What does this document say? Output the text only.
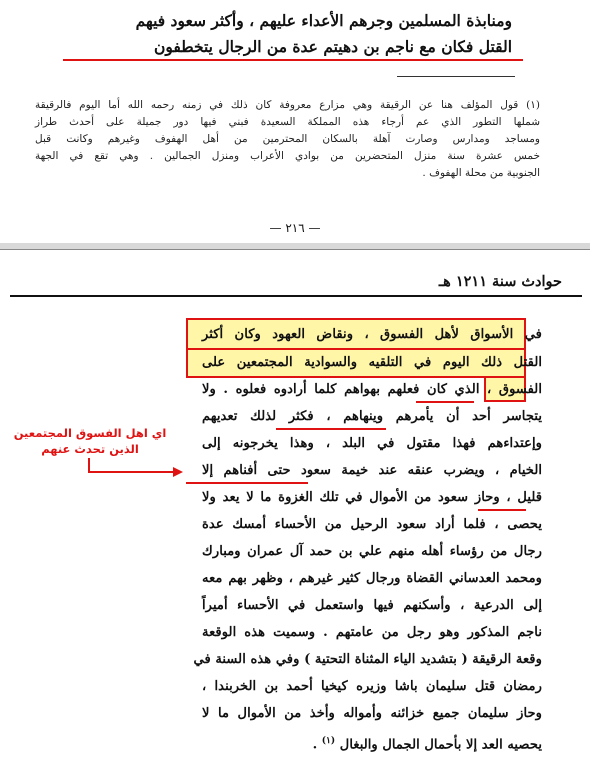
ومنابذة المسلمين وجرهم الأعداء عليهم ، وأكثر سعود فيهم
القتل فكان مع ناجم بن دهيتم عدة من الرجال يتخطفون
(١) قول المؤلف هنا عن الرقيقة وهي مزارع معروفة كان ذلك في زمنه رحمه الله أما اليوم فالرقيقة
شملها التطور الذي عم أرجاء هذه المملكة السعيدة فبني فيها دور جميلة على أحدث طراز
ومساجد ومدارس وصارت آهلة بالسكان المحترمين من أهل الهفوف وغيرهم وكانت قبل
خمس عشرة سنة منزل المتحضرين من بوادي الأعراب ومنزل الجمالين . وهي تقع في الجهة
الجنوبية من محلة الهفوف .
— ٢١٦ —
حوادث سنة ١٢١١ هـ
في الأسواق لأهل الفسوق ، ونقاض العهود وكان أكثر
القتل ذلك اليوم في التلقيه والسوادية المجتمعين على
الفسوق ، الذي كان فعلهم بهواهم كلما أرادوه فعلوه . ولا
يتجاسر أحد أن يأمرهم وينهاهم ، فكثر لذلك تعديهم
وإعتداءهم فهذا مقتول في البلد ، وهذا يخرجونه إلى
الخيام ، ويضرب عنقه عند خيمة سعود حتى أفناهم إلا
قليل ، وحاز سعود من الأموال في تلك الغزوة ما لا يعد ولا
يحصى ، فلما أراد سعود الرحيل من الأحساء أمسك عدة
رجال من رؤساء أهله منهم علي بن حمد آل عمران ومبارك
ومحمد العدساني القضاة ورجال كثير غيرهم ، وظهر بهم معه
إلى الدرعية ، وأسكنهم فيها واستعمل في الأحساء أميراً
ناجم المذكور وهو رجل من عامتهم . وسميت هذه الوقعة
وقعة الرقيقة ( بتشديد الياء المثناة التحتية ) وفي هذه السنة في
رمضان قتل سليمان باشا وزيره كيخيا أحمد بن الخربندا ،
وحاز سليمان جميع خزائنه وأمواله وأخذ من الأموال ما لا
يحصيه العد إلا بأحمال الجمال والبغال $^{(١)}$ .
اي اهل الفسوق المجتمعين الذين تحدث عنهم
